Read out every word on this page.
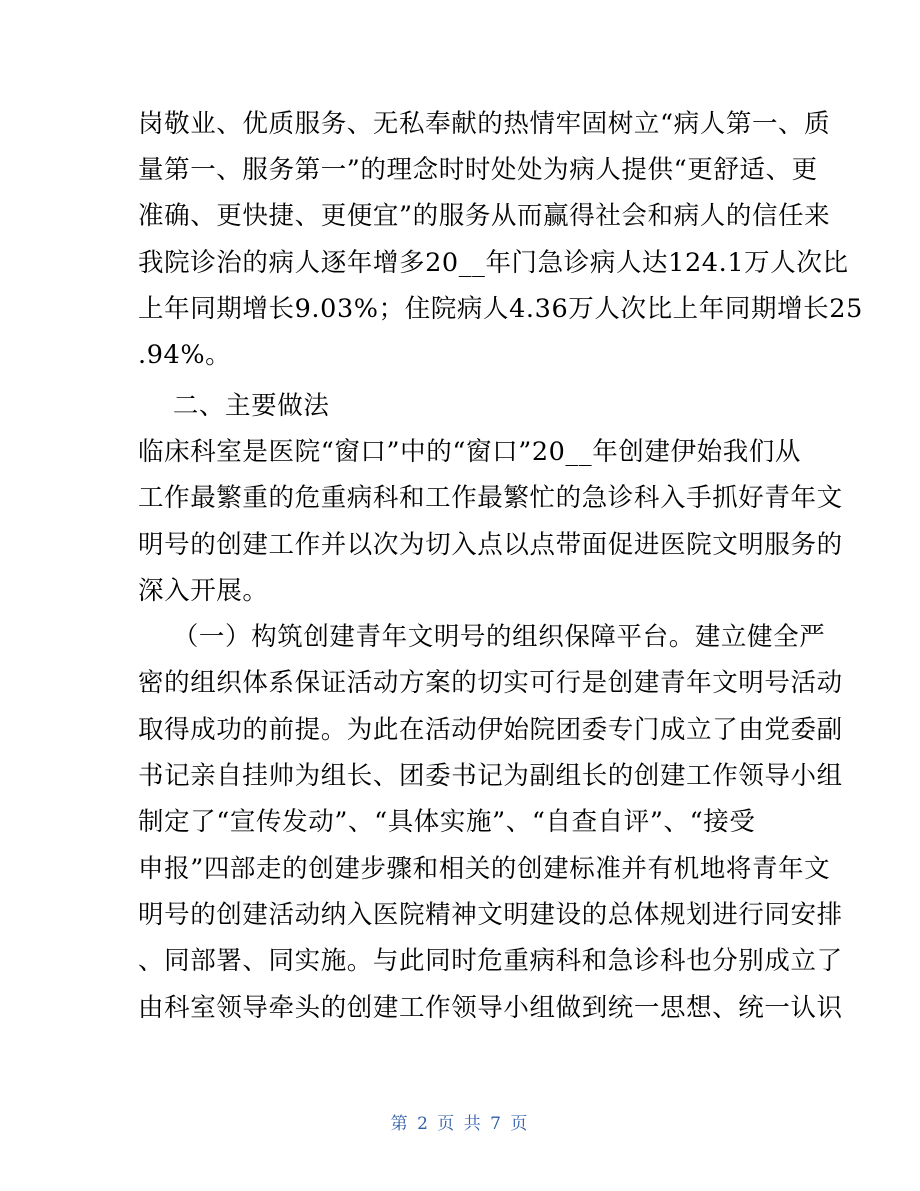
岗敬业、优质服务、无私奉献的热情牢固树立“病人第一、质
量第一、服务第一”的理念时时处处为病人提供“更舒适、更
准确、更快捷、更便宜”的服务从而赢得社会和病人的信任来
我院诊治的病人逐年增多20__年门急诊病人达124.1万人次比
上年同期增长9.03%；住院病人4.36万人次比上年同期增长25
.94%。
二、主要做法
临床科室是医院“窗口”中的“窗口”20__年创建伊始我们从
工作最繁重的危重病科和工作最繁忙的急诊科入手抓好青年文
明号的创建工作并以次为切入点以点带面促进医院文明服务的
深入开展。
（一）构筑创建青年文明号的组织保障平台。建立健全严
密的组织体系保证活动方案的切实可行是创建青年文明号活动
取得成功的前提。为此在活动伊始院团委专门成立了由党委副
书记亲自挂帅为组长、团委书记为副组长的创建工作领导小组
制定了“宣传发动”、“具体实施”、“自查自评”、“接受
申报”四部走的创建步骤和相关的创建标准并有机地将青年文
明号的创建活动纳入医院精神文明建设的总体规划进行同安排
、同部署、同实施。与此同时危重病科和急诊科也分别成立了
由科室领导牵头的创建工作领导小组做到统一思想、统一认识
第 2 页 共 7 页
